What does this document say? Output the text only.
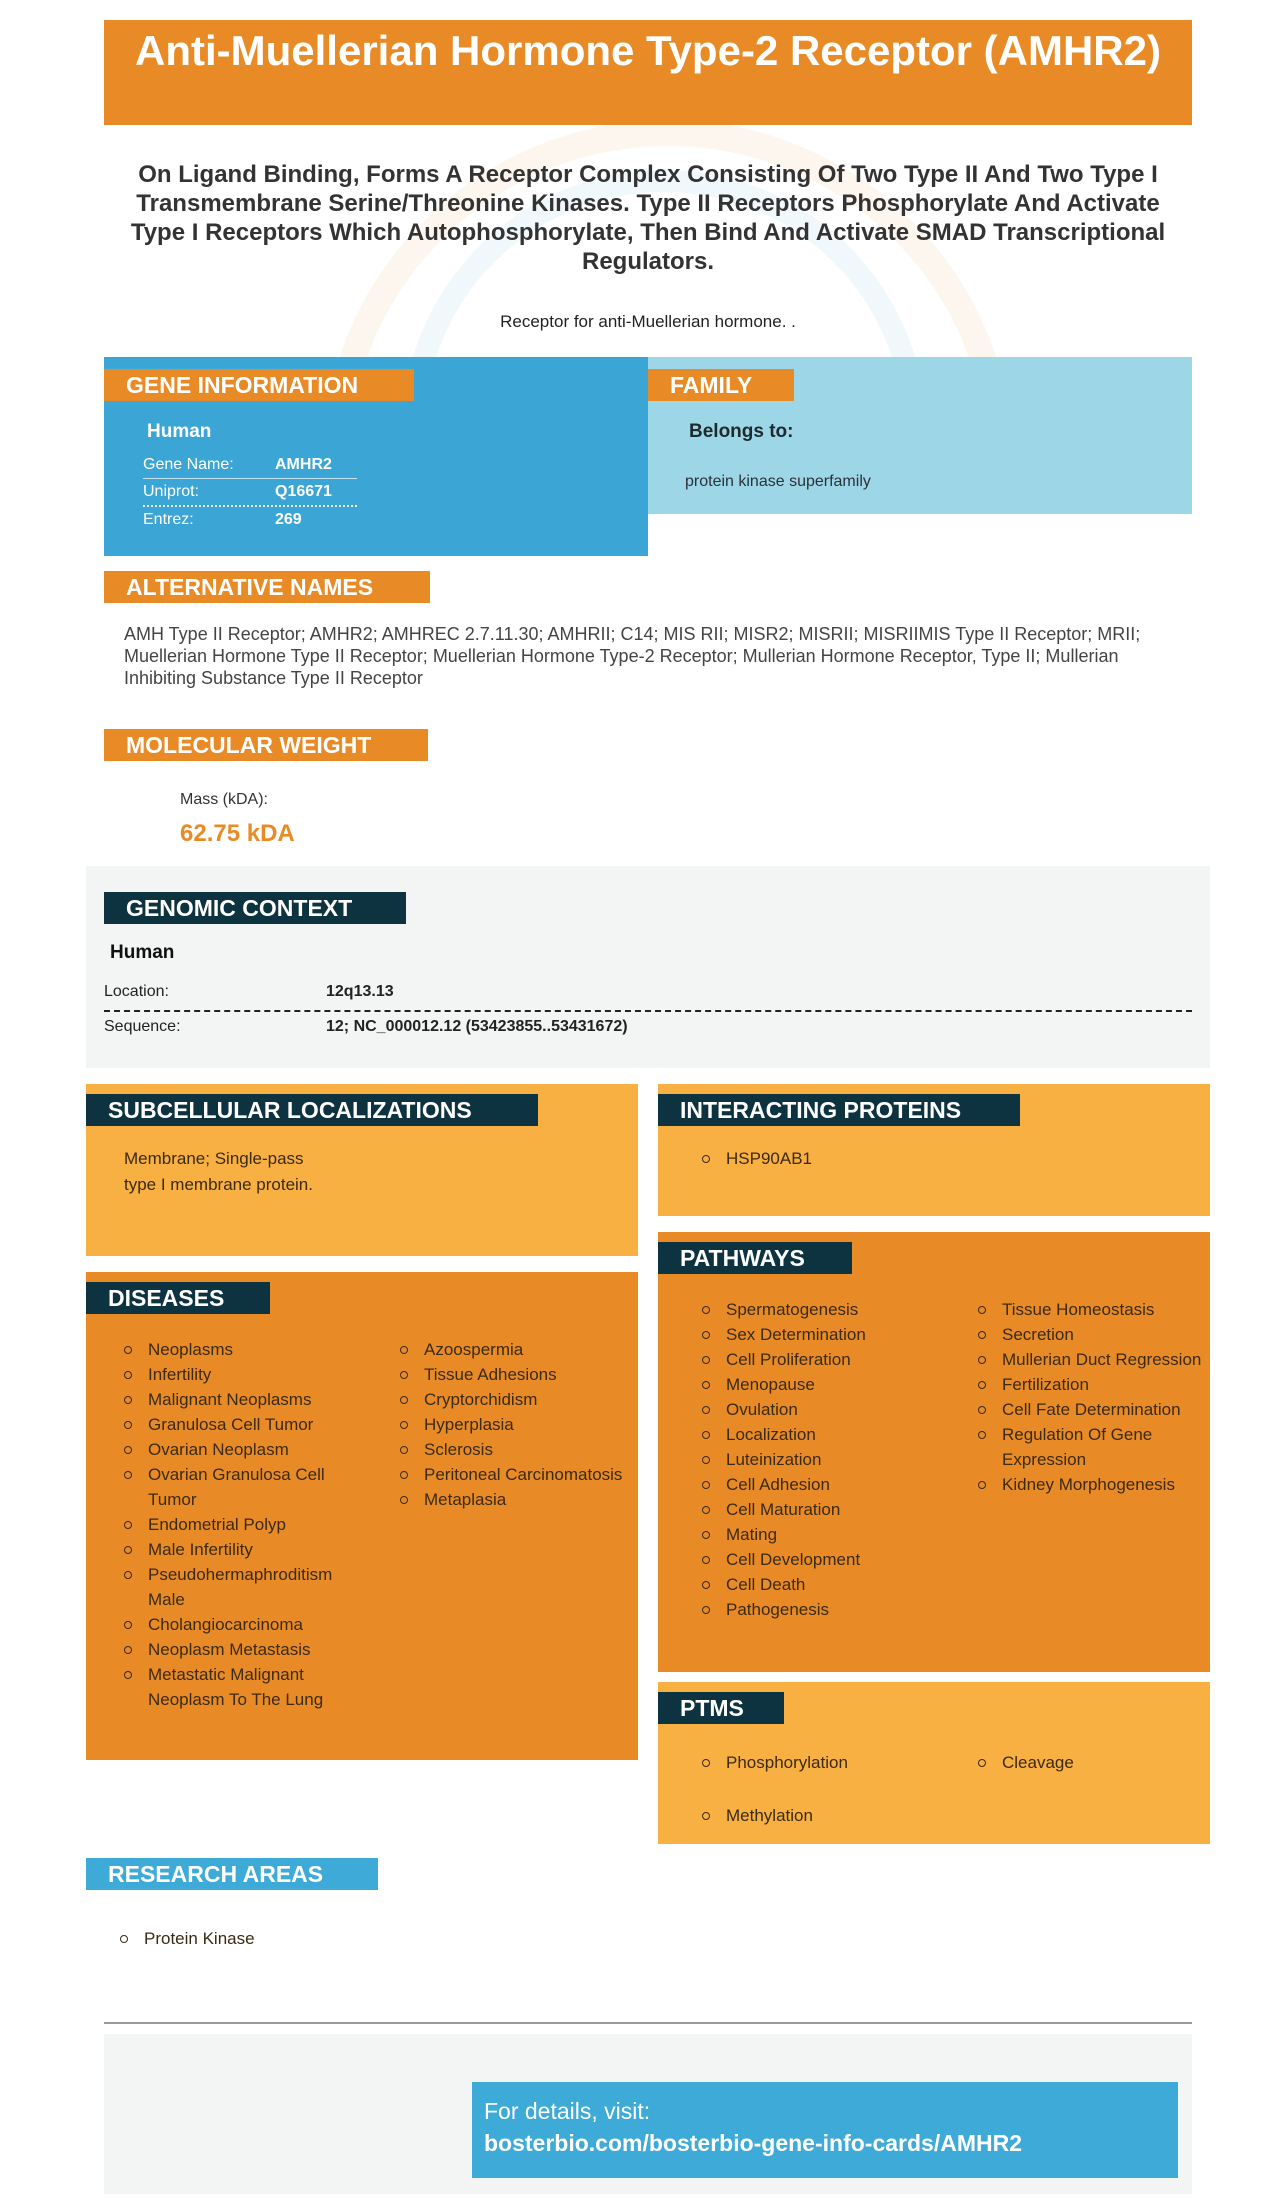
Anti-Muellerian Hormone Type-2 Receptor (AMHR2)
On Ligand Binding, Forms A Receptor Complex Consisting Of Two Type II And Two Type I Transmembrane Serine/Threonine Kinases. Type II Receptors Phosphorylate And Activate Type I Receptors Which Autophosphorylate, Then Bind And Activate SMAD Transcriptional Regulators.
Receptor for anti-Muellerian hormone. .
GENE INFORMATION
Human
Gene Name:	AMHR2
Uniprot:	Q16671
Entrez:	269
FAMILY
Belongs to:
protein kinase superfamily
ALTERNATIVE NAMES
AMH Type II Receptor; AMHR2; AMHREC 2.7.11.30; AMHRII; C14; MIS RII; MISR2; MISRII; MISRIIMIS Type II Receptor; MRII; Muellerian Hormone Type II Receptor; Muellerian Hormone Type-2 Receptor; Mullerian Hormone Receptor, Type II; Mullerian Inhibiting Substance Type II Receptor
MOLECULAR WEIGHT
Mass (kDA):
62.75 kDA
GENOMIC CONTEXT
Human
Location:	12q13.13
Sequence:	12; NC_000012.12 (53423855..53431672)
SUBCELLULAR LOCALIZATIONS
Membrane; Single-pass
type I membrane protein.
INTERACTING PROTEINS
HSP90AB1
DISEASES
Neoplasms
Infertility
Malignant Neoplasms
Granulosa Cell Tumor
Ovarian Neoplasm
Ovarian Granulosa Cell Tumor
Endometrial Polyp
Male Infertility
Pseudohermaphroditism Male
Cholangiocarcinoma
Neoplasm Metastasis
Metastatic Malignant Neoplasm To The Lung
Azoospermia
Tissue Adhesions
Cryptorchidism
Hyperplasia
Sclerosis
Peritoneal Carcinomatosis
Metaplasia
PATHWAYS
Spermatogenesis
Sex Determination
Cell Proliferation
Menopause
Ovulation
Localization
Luteinization
Cell Adhesion
Cell Maturation
Mating
Cell Development
Cell Death
Pathogenesis
Tissue Homeostasis
Secretion
Mullerian Duct Regression
Fertilization
Cell Fate Determination
Regulation Of Gene Expression
Kidney Morphogenesis
PTMS
Phosphorylation
Methylation
Cleavage
RESEARCH AREAS
Protein Kinase
For details, visit:
bosterbio.com/bosterbio-gene-info-cards/AMHR2
